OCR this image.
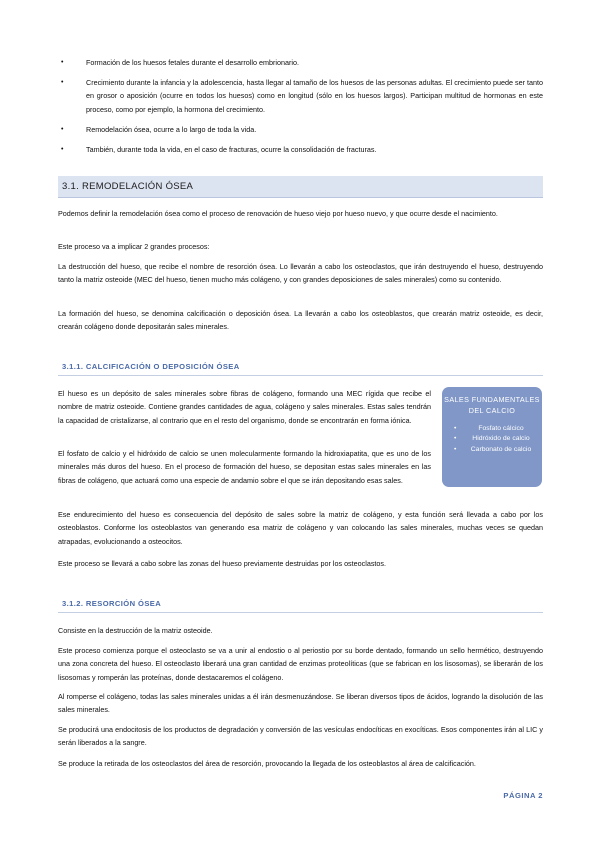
•	Formación de los huesos fetales durante el desarrollo embrionario.
•	Crecimiento durante la infancia y la adolescencia, hasta llegar al tamaño de los huesos de las personas adultas. El crecimiento puede ser tanto en grosor o aposición (ocurre en todos los huesos) como en longitud (sólo en los huesos largos). Participan multitud de hormonas en este proceso, como por ejemplo, la hormona del crecimiento.
•	Remodelación ósea, ocurre a lo largo de toda la vida.
•	También, durante toda la vida, en el caso de fracturas, ocurre la consolidación de fracturas.
3.1. REMODELACIÓN ÓSEA

Podemos definir la remodelación ósea como el proceso de renovación de hueso viejo por hueso nuevo, y que ocurre desde el nacimiento.

Este proceso va a implicar 2 grandes procesos:

La destrucción del hueso, que recibe el nombre de resorción ósea. Lo llevarán a cabo los osteoclastos, que irán destruyendo el hueso, destruyendo tanto la matriz osteoide (MEC del hueso, tienen mucho más colágeno, y con grandes deposiciones de sales minerales) como su contenido.

La formación del hueso, se denomina calcificación o deposición ósea. La llevarán a cabo los osteoblastos, que crearán matriz osteoide, es decir, crearán colágeno donde depositarán sales minerales.

3.1.1. CALCIFICACIÓN O DEPOSICIÓN ÓSEA

El hueso es un depósito de sales minerales sobre fibras de colágeno, formando una MEC rígida que recibe el nombre de matriz osteoide. Contiene grandes cantidades de agua, colágeno y sales minerales. Estas sales tendrán la capacidad de cristalizarse, al contrario que en el resto del organismo, donde se encontrarán en forma iónica.

El fosfato de calcio y el hidróxido de calcio se unen molecularmente formando la hidroxiapatita, que es uno de los minerales más duros del hueso. En el proceso de formación del hueso, se depositan estas sales minerales en las fibras de colágeno, que actuará como una especie de andamio sobre el que se irán depositando esas sales.

Ese endurecimiento del hueso es consecuencia del depósito de sales sobre la matriz de colágeno, y esta función será llevada a cabo por los osteoblastos. Conforme los osteoblastos van generando esa matriz de colágeno y van colocando las sales minerales, muchas veces se quedan atrapadas, evolucionando a osteocitos.

Este proceso se llevará a cabo sobre las zonas del hueso previamente destruidas por los osteoclastos.

SALES FUNDAMENTALES DEL CALCIO
•	Fosfato cálcico
• Hidróxido de calcio
• Carbonato de calcio
3.1.2. RESORCIÓN ÓSEA

Consiste en la destrucción de la matriz osteoide.

Este proceso comienza porque el osteoclasto se va a unir al endostio o al periostio por su borde dentado, formando un sello hermético, destruyendo una zona concreta del hueso. El osteoclasto liberará una gran cantidad de enzimas proteolíticas (que se fabrican en los lisosomas), se liberarán de los lisosomas y romperán las proteínas, donde destacaremos el colágeno.

Al romperse el colágeno, todas las sales minerales unidas a él irán desmenuzándose. Se liberan diversos tipos de ácidos, logrando la disolución de las sales minerales.

Se producirá una endocitosis de los productos de degradación y conversión de las vesículas endocíticas en exocíticas. Esos componentes irán al LIC y serán liberados a la sangre.

Se produce la retirada de los osteoclastos del área de resorción, provocando la llegada de los osteoblastos al área de calcificación.

PÁGINA 2
